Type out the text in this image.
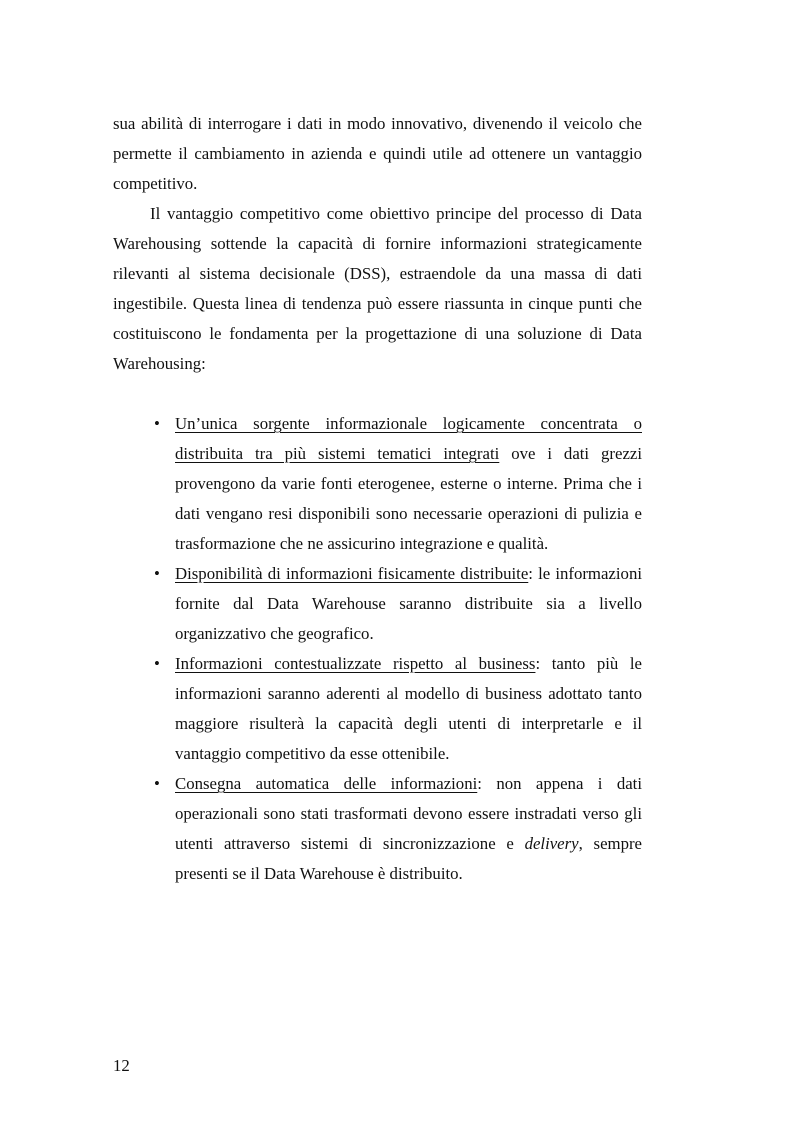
sua abilità di interrogare i dati in modo innovativo, divenendo il veicolo che permette il cambiamento in azienda e quindi utile ad ottenere un vantaggio competitivo.

Il vantaggio competitivo come obiettivo principe del processo di Data Warehousing sottende la capacità di fornire informazioni strategicamente rilevanti al sistema decisionale (DSS), estraendole da una massa di dati ingestibile. Questa linea di tendenza può essere riassunta in cinque punti che costituiscono le fondamenta per la progettazione di una soluzione di Data Warehousing:

• Un’unica sorgente informazionale logicamente concentrata o distribuita tra più sistemi tematici integrati ove i dati grezzi provengono da varie fonti eterogenee, esterne o interne. Prima che i dati vengano resi disponibili sono necessarie operazioni di pulizia e trasformazione che ne assicurino integrazione e qualità.
• Disponibilità di informazioni fisicamente distribuite: le informazioni fornite dal Data Warehouse saranno distribuite sia a livello organizzativo che geografico.
• Informazioni contestualizzate rispetto al business: tanto più le informazioni saranno aderenti al modello di business adottato tanto maggiore risulterà la capacità degli utenti di interpretarle e il vantaggio competitivo da esse ottenibile.
• Consegna automatica delle informazioni: non appena i dati operazionali sono stati trasformati devono essere instradati verso gli utenti attraverso sistemi di sincronizzazione e delivery, sempre presenti se il Data Warehouse è distribuito.
12
